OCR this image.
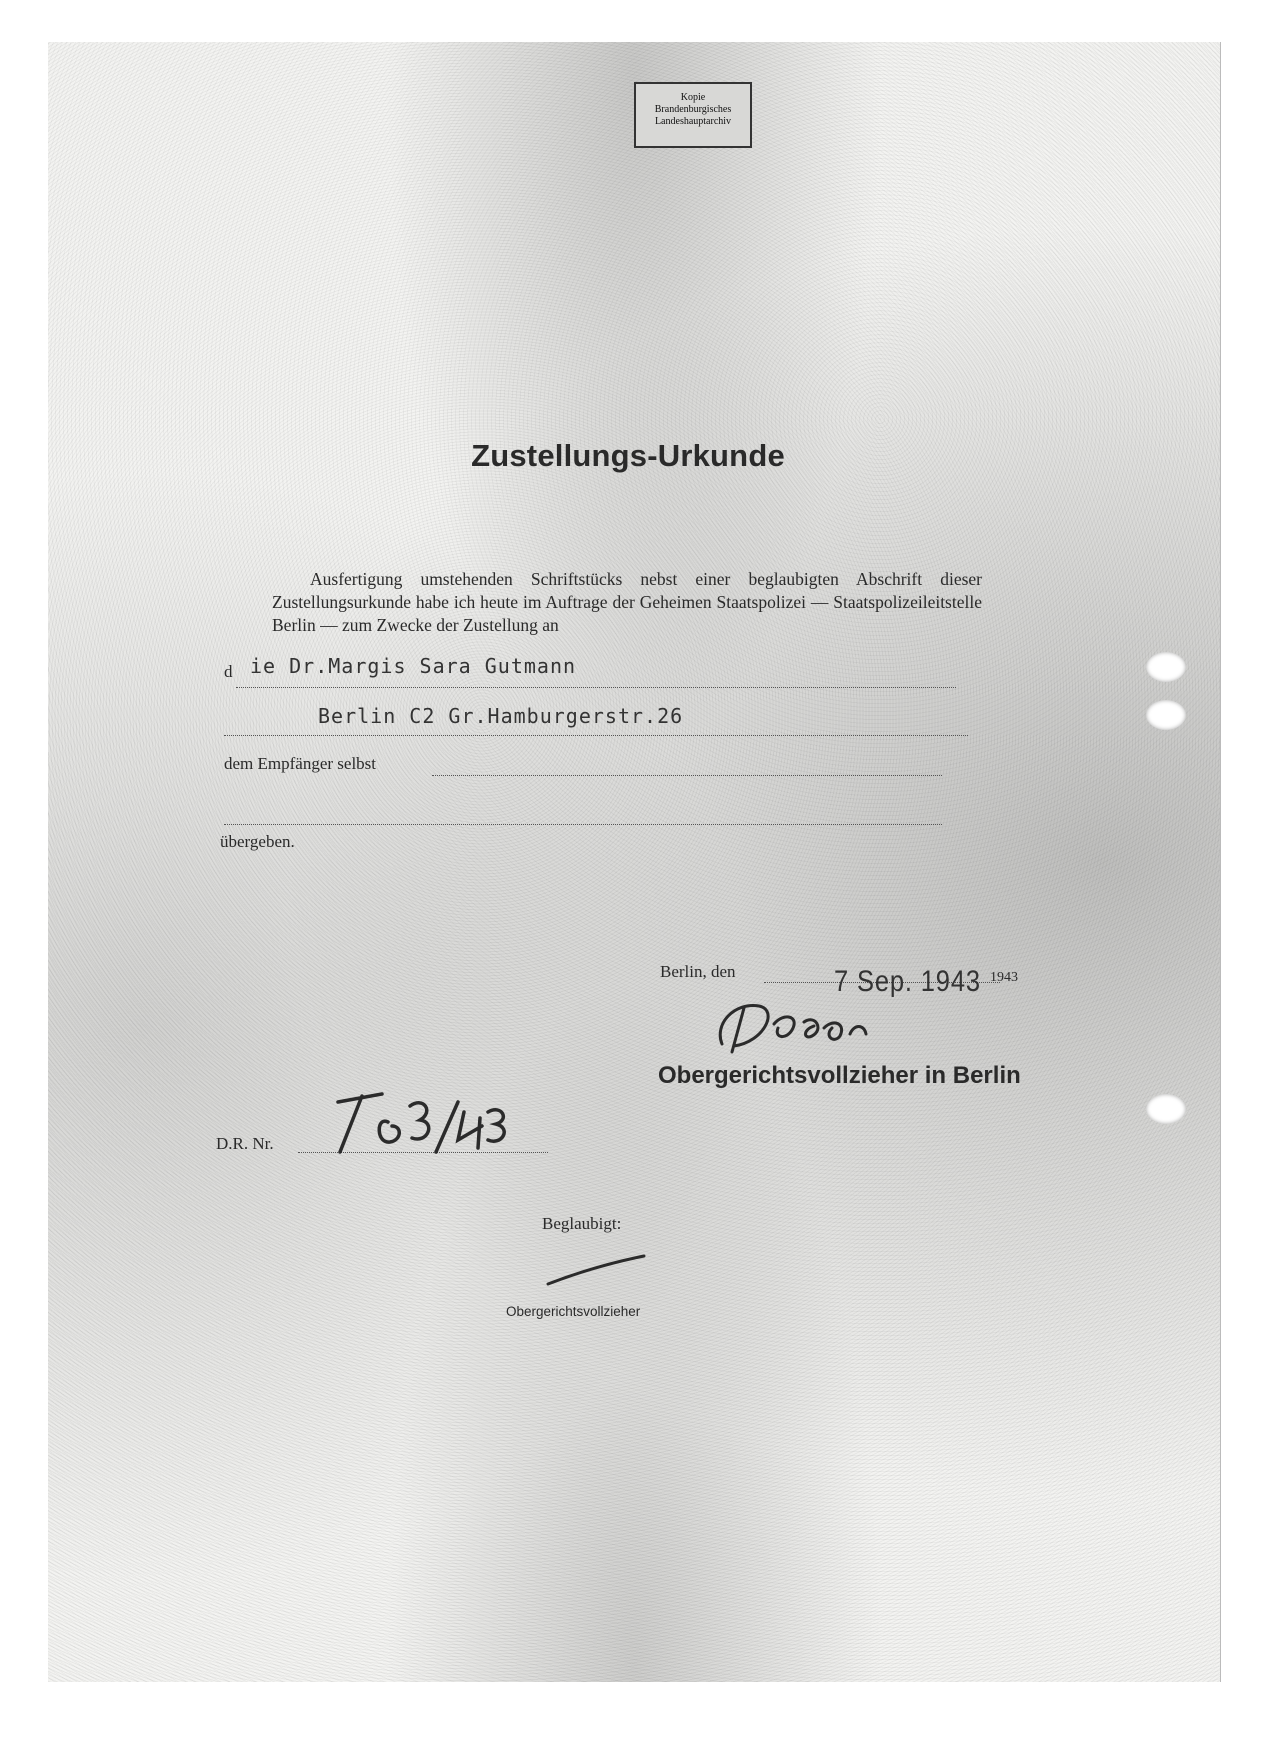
Kopie
Brandenburgisches
Landeshauptarchiv
Zustellungs-Urkunde
Ausfertigung umstehenden Schriftstücks nebst einer beglaubigten Abschrift dieser Zustellungsurkunde habe ich heute im Auftrage der Geheimen Staatspolizei — Staatspolizeileitstelle Berlin — zum Zwecke der Zustellung an
d ie Dr.Margis Sara Gutmann
Berlin C2 Gr.Hamburgerstr.26
dem Empfänger selbst
übergeben.
Berlin, den	7 Sep. 1943 1943
Obergerichtsvollzieher in Berlin
D.R. Nr.
Beglaubigt:
Obergerichtsvollzieher
